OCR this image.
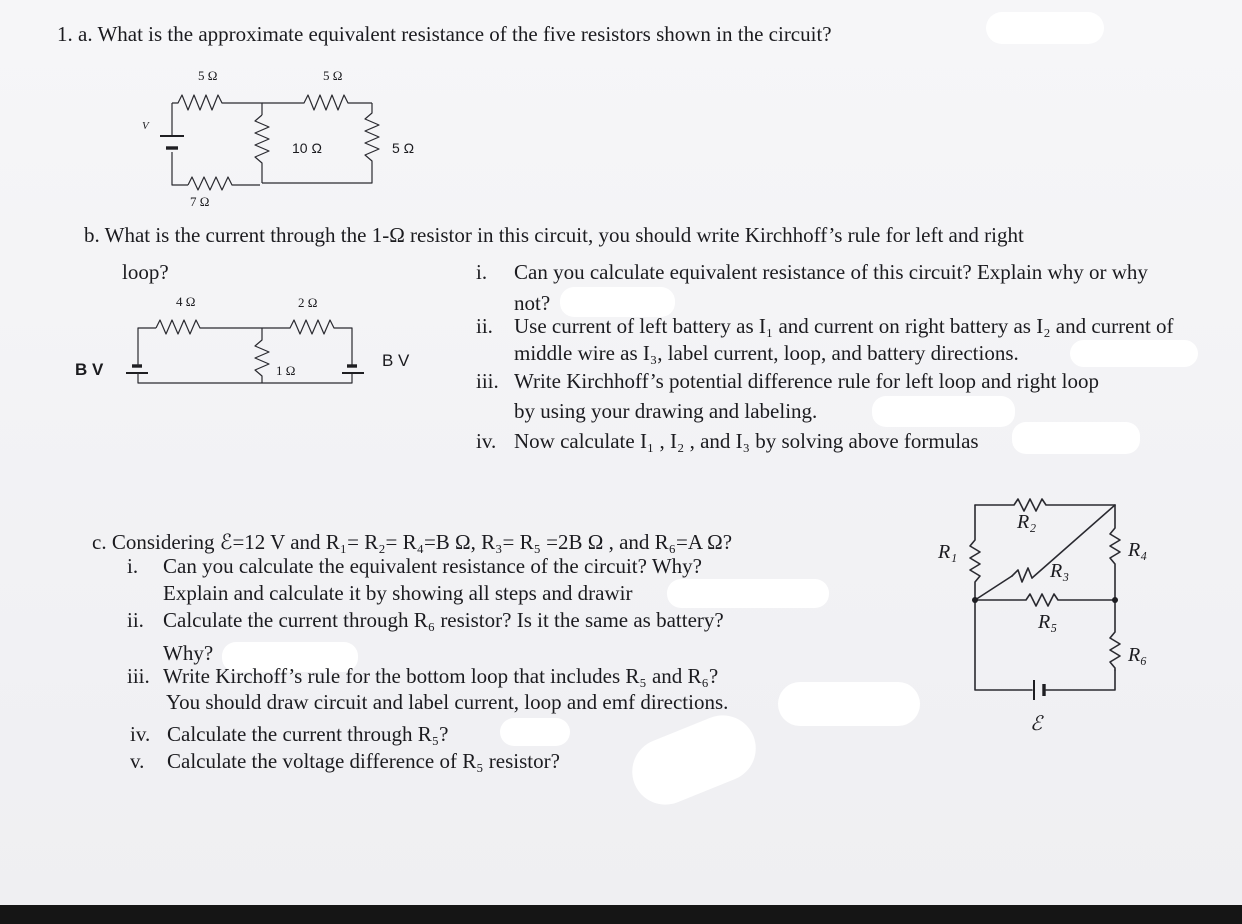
1. a. What is the approximate equivalent resistance of the five resistors shown in the circuit?
5 Ω	5 Ω
10 Ω	5 Ω
7 Ω
V
b. What is the current through the 1-Ω resistor in this circuit, you should write Kirchhoff’s rule for left and right
loop?
4 Ω	2 Ω
1 Ω
B V	B V
i. Can you calculate equivalent resistance of this circuit? Explain why or why
not?
ii. Use current of left battery as I₁ and current on right battery as I₂ and current of
middle wire as I₃, label current, loop, and battery directions.
iii. Write Kirchhoff’s potential difference rule for left loop and right loop
by using your drawing and labeling.
iv. Now calculate I₁ , I₂ , and I₃ by solving above formulas
c. Considering ℰ=12 V and R₁= R₂= R₄=B Ω, R₃= R₅ =2B Ω , and R₆=A Ω?
i. Can you calculate the equivalent resistance of the circuit? Why?
Explain and calculate it by showing all steps and drawir
ii. Calculate the current through R₆ resistor? Is it the same as battery?
Why?
iii. Write Kirchoff’s rule for the bottom loop that includes R₅ and R₆?
You should draw circuit and label current, loop and emf directions.
iv. Calculate the current through R₅?
v. Calculate the voltage difference of R₅ resistor?
R₁
R₂
R₃
R₄
R₅
R₆
ℰ
